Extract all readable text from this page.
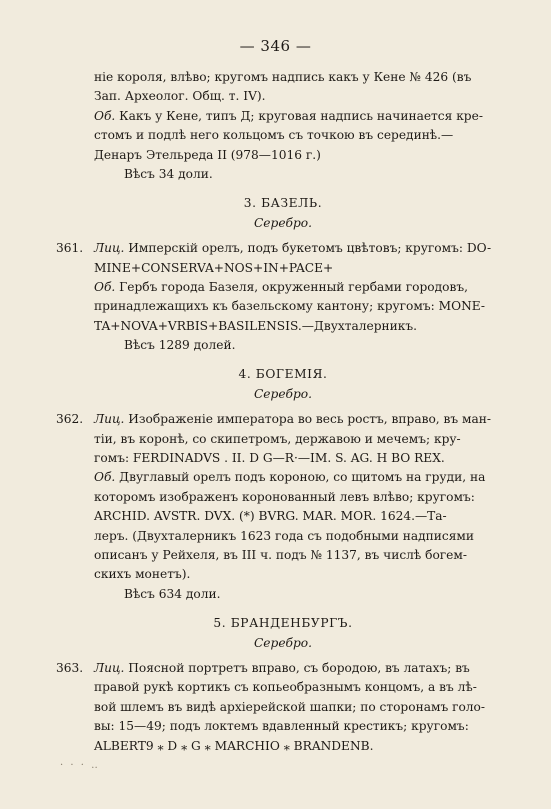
— 346 —
ніе короля, влѣво; кругомъ надпись какъ у Кене № 426 (въ
Зап. Археолог. Общ. т. IV).
Об. Какъ у Кене, типъ Д; круговая надпись начинается кре-
стомъ и подлѣ него кольцомъ съ точкою въ серединѣ.—
Денаръ Этельреда II (978—1016 г.)
Вѣсъ 34 доли.
3. БАЗЕЛЬ.
Серебро.
361. Лиц. Имперскій орелъ, подъ букетомъ цвѣтовъ; кругомъ: DO-
MINE+CONSERVA+NOS+IN+PACE+
Об. Гербъ города Базеля, окруженный гербами городовъ,
принадлежащихъ къ базельскому кантону; кругомъ: MONE-
TA+NOVA+VRBIS+BASILENSIS.—Двухталерникъ.
Вѣсъ 1289 долей.
4. БОГЕМІЯ.
Серебро.
362. Лиц. Изображеніе императора во весь ростъ, вправо, въ ман-
тіи, въ коронѣ, со скипетромъ, державою и мечемъ; кру-
гомъ: FERDINADVS . II. D G—R·—IM. S. AG. H BO REX.
Об. Двуглавый орелъ подъ короною, со щитомъ на груди, на
которомъ изображенъ коронованный левъ влѣво; кругомъ:
ARCHID. AVSTR. DVX. (*) BVRG. MAR. MOR. 1624.—Та-
леръ. (Двухталерникъ 1623 года съ подобными надписями
описанъ у Рейхеля, въ III ч. подъ № 1137, въ числѣ богем-
скихъ монетъ).
Вѣсъ 634 доли.
5. БРАНДЕНБУРГЪ.
Серебро.
363. Лиц. Поясной портретъ вправо, съ бородою, въ латахъ; въ
правой рукѣ кортикъ съ копьеобразнымъ концомъ, а въ лѣ-
вой шлемъ въ видѣ архіерейской шапки; по сторонамъ голо-
вы: 15—49; подъ локтемъ вдавленный крестикъ; кругомъ:
ALBERT9 ⁎ D ⁎ G ⁎ MARCHIO ⁎ BRANDENB.
· · · ‥
